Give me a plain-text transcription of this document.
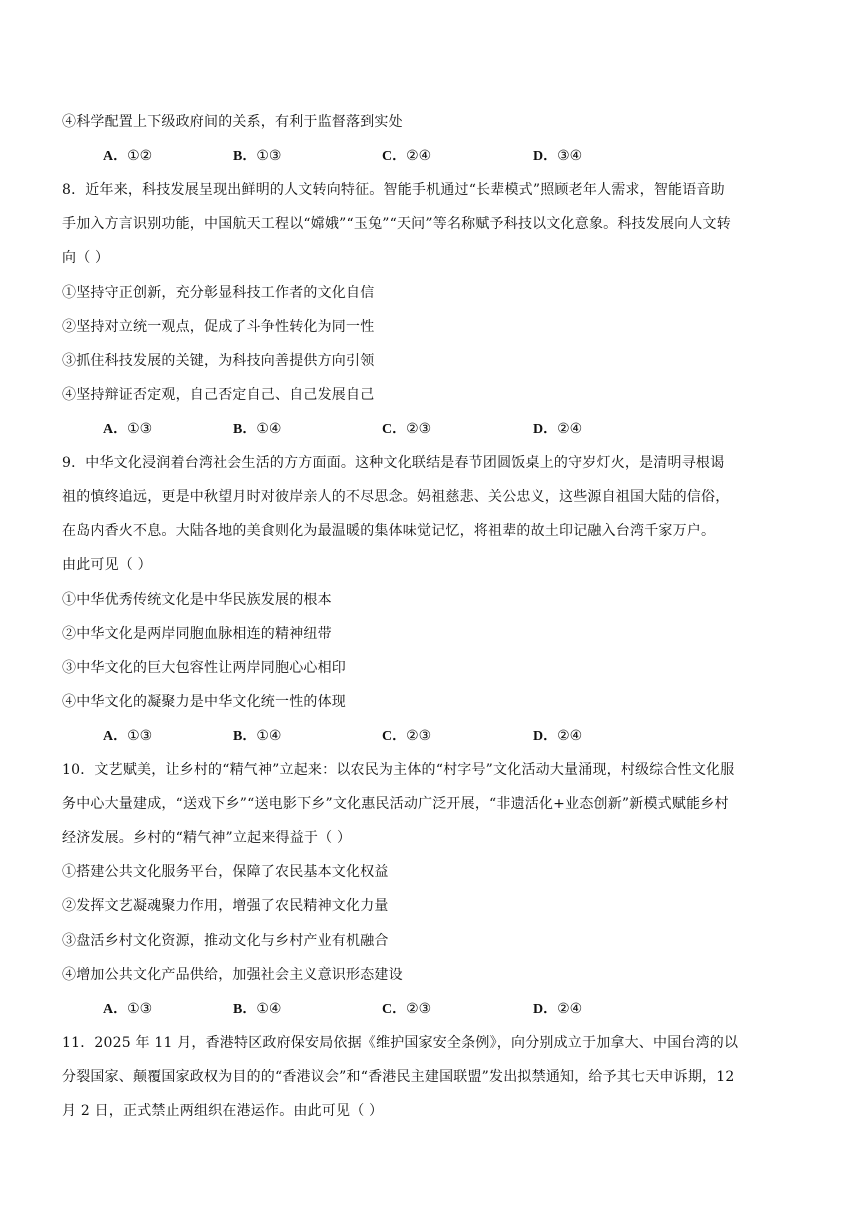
④科学配置上下级政府间的关系，有利于监督落到实处
A．①②	B．①③	C．②④	D．③④
8．近年来，科技发展呈现出鲜明的人文转向特征。智能手机通过“长辈模式”照顾老年人需求，智能语音助
手加入方言识别功能，中国航天工程以“嫦娥”“玉兔”“天问”等名称赋予科技以文化意象。科技发展向人文转
向（ ）
①坚持守正创新，充分彰显科技工作者的文化自信
②坚持对立统一观点，促成了斗争性转化为同一性
③抓住科技发展的关键，为科技向善提供方向引领
④坚持辩证否定观，自己否定自己、自己发展自己
A．①③	B．①④	C．②③	D．②④
9．中华文化浸润着台湾社会生活的方方面面。这种文化联结是春节团圆饭桌上的守岁灯火，是清明寻根谒
祖的慎终追远，更是中秋望月时对彼岸亲人的不尽思念。妈祖慈悲、关公忠义，这些源自祖国大陆的信俗，
在岛内香火不息。大陆各地的美食则化为最温暖的集体味觉记忆，将祖辈的故土印记融入台湾千家万户。
由此可见（ ）
①中华优秀传统文化是中华民族发展的根本
②中华文化是两岸同胞血脉相连的精神纽带
③中华文化的巨大包容性让两岸同胞心心相印
④中华文化的凝聚力是中华文化统一性的体现
A．①③	B．①④	C．②③	D．②④
10．文艺赋美，让乡村的“精气神”立起来：以农民为主体的“村字号”文化活动大量涌现，村级综合性文化服
务中心大量建成，“送戏下乡”“送电影下乡”文化惠民活动广泛开展，“非遗活化+业态创新”新模式赋能乡村
经济发展。乡村的“精气神”立起来得益于（ ）
①搭建公共文化服务平台，保障了农民基本文化权益
②发挥文艺凝魂聚力作用，增强了农民精神文化力量
③盘活乡村文化资源，推动文化与乡村产业有机融合
④增加公共文化产品供给，加强社会主义意识形态建设
A．①③	B．①④	C．②③	D．②④
11．2025 年 11 月，香港特区政府保安局依据《维护国家安全条例》，向分别成立于加拿大、中国台湾的以
分裂国家、颠覆国家政权为目的的“香港议会”和“香港民主建国联盟”发出拟禁通知，给予其七天申诉期，12
月 2 日，正式禁止两组织在港运作。由此可见（ ）
